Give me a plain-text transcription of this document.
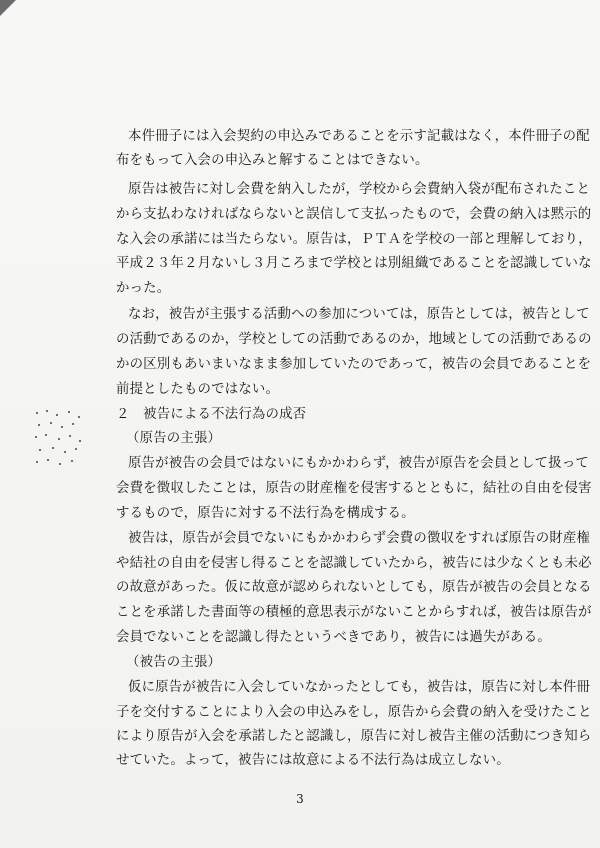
本件冊子には入会契約の申込みであることを示す記載はなく，本件冊子の配
布をもって入会の申込みと解することはできない。
原告は被告に対し会費を納入したが，学校から会費納入袋が配布されたこと
から支払わなければならないと誤信して支払ったもので，会費の納入は黙示的
な入会の承諾には当たらない。原告は，ＰＴＡを学校の一部と理解しており，
平成２３年２月ないし３月ころまで学校とは別組織であることを認識していな
かった。
なお，被告が主張する活動への参加については，原告としては，被告として
の活動であるのか，学校としての活動であるのか，地域としての活動であるの
かの区別もあいまいなまま参加していたのであって，被告の会員であることを
前提としたものではない。
２　被告による不法行為の成否
（原告の主張）
原告が被告の会員ではないにもかかわらず，被告が原告を会員として扱って
会費を徴収したことは，原告の財産権を侵害するとともに，結社の自由を侵害
するもので，原告に対する不法行為を構成する。
被告は，原告が会員でないにもかかわらず会費の徴収をすれば原告の財産権
や結社の自由を侵害し得ることを認識していたから，被告には少なくとも未必
の故意があった。仮に故意が認められないとしても，原告が被告の会員となる
ことを承諾した書面等の積極的意思表示がないことからすれば，被告は原告が
会員でないことを認識し得たというべきであり，被告には過失がある。
（被告の主張）
仮に原告が被告に入会していなかったとしても，被告は，原告に対し本件冊
子を交付することにより入会の申込みをし，原告から会費の納入を受けたこと
により原告が入会を承諾したと認識し，原告に対し被告主催の活動につき知ら
せていた。よって，被告には故意による不法行為は成立しない。
3
